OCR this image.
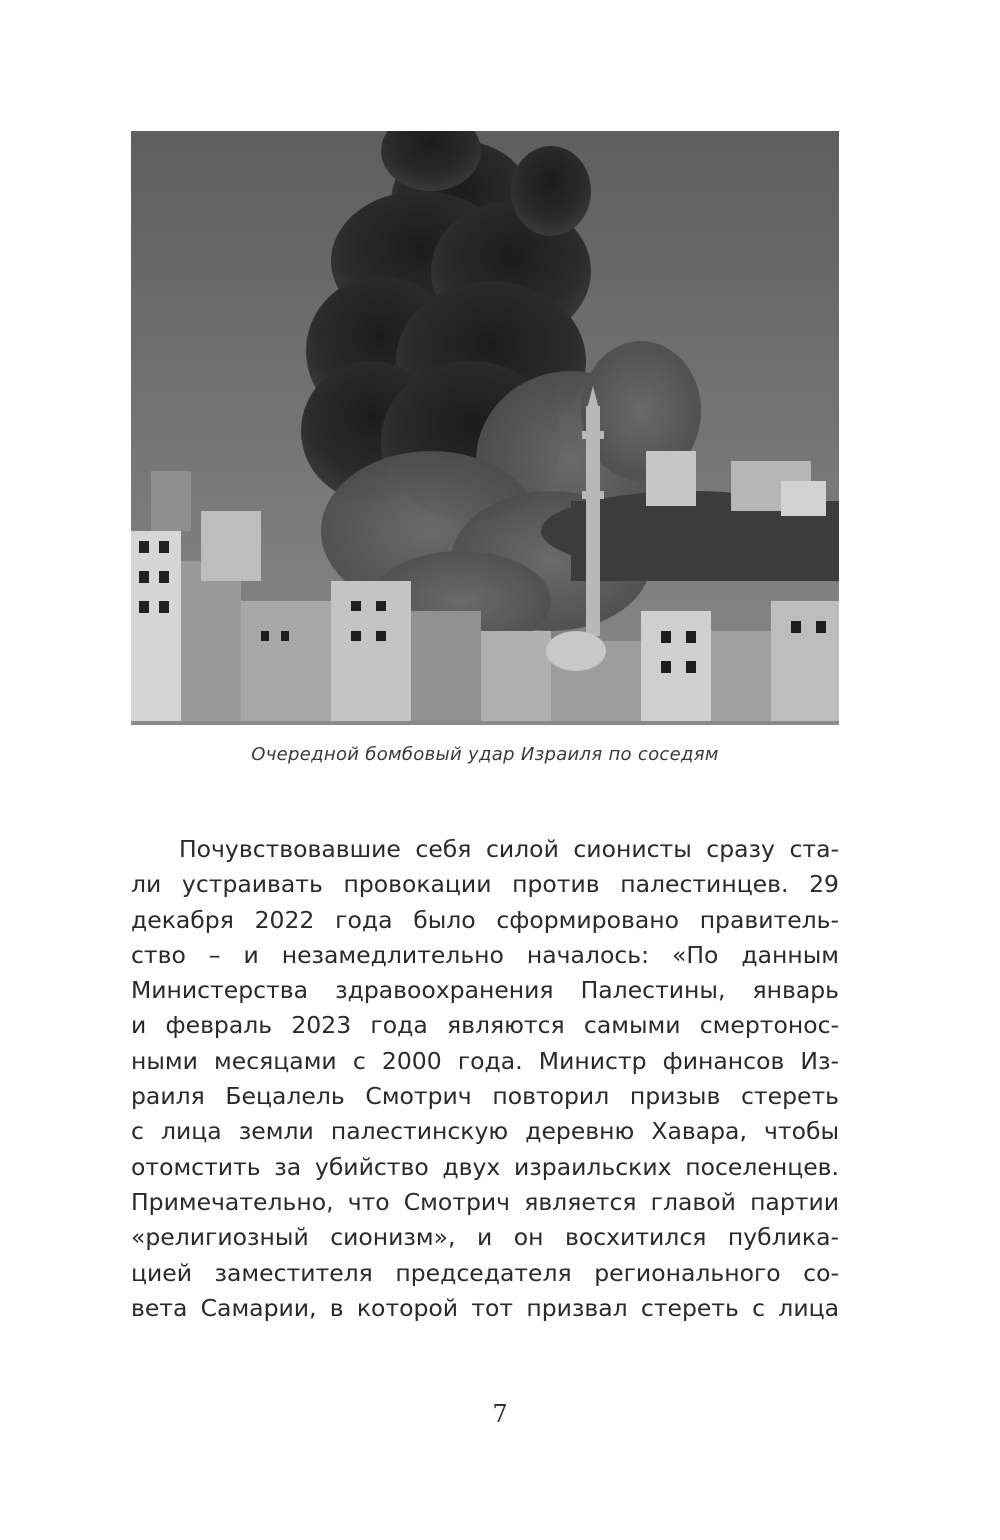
Очередной бомбовый удар Израиля по соседям
Почувствовавшие себя силой сионисты сразу ста-
ли устраивать провокации против палестинцев. 29
декабря 2022 года было сформировано правитель-
ство – и незамедлительно началось: «По данным
Министерства здравоохранения Палестины, январь
и февраль 2023 года являются самыми смертонос-
ными месяцами с 2000 года. Министр финансов Из-
раиля Бецалель Смотрич повторил призыв стереть
с лица земли палестинскую деревню Хавара, чтобы
отомстить за убийство двух израильских поселенцев.
Примечательно, что Смотрич является главой партии
«религиозный сионизм», и он восхитился публика-
цией заместителя председателя регионального со-
вета Самарии, в которой тот призвал стереть с лица
7
